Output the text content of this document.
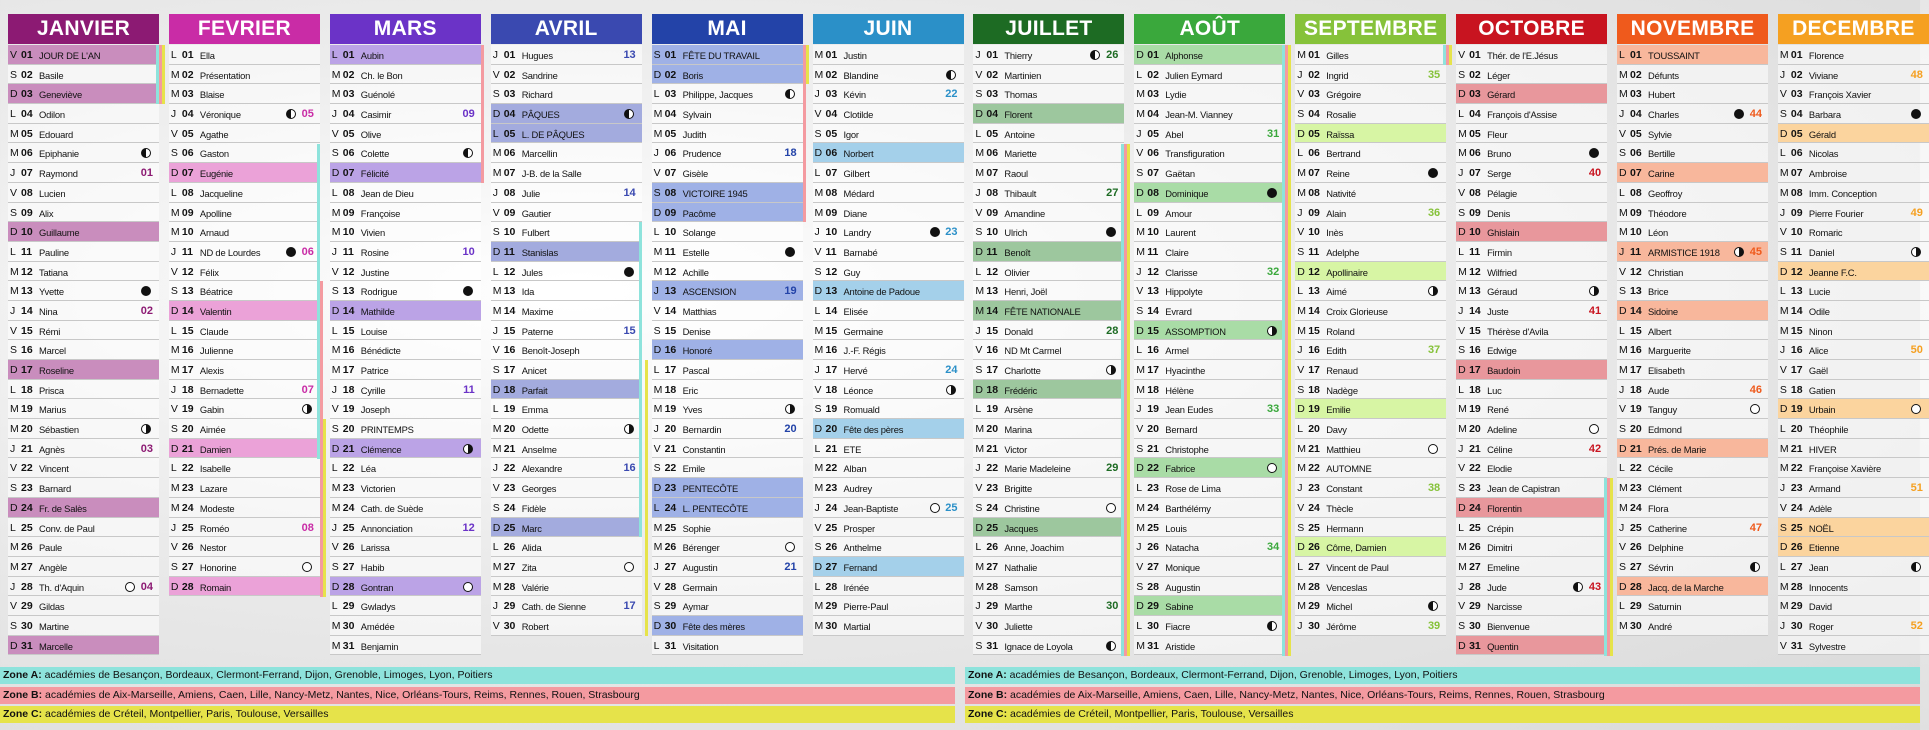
JANVIER
V 01 JOUR DE L'AN
S 02 Basile
D 03 Geneviève
L 04 Odilon
M 05 Edouard
M 06 Epiphanie
J 07 Raymond	01
V 08 Lucien
S 09 Alix
D 10 Guillaume
L 11 Pauline
M 12 Tatiana
M 13 Yvette
J 14 Nina	02
V 15 Rémi
S 16 Marcel
D 17 Roseline
L 18 Prisca
M 19 Marius
M 20 Sébastien
J 21 Agnès	03
V 22 Vincent
S 23 Barnard
D 24 Fr. de Salès
L 25 Conv. de Paul
M 26 Paule
M 27 Angèle
J 28 Th. d'Aquin	04
V 29 Gildas
S 30 Martine
D 31 Marcelle
FEVRIER
L 01 Ella
M 02 Présentation
M 03 Blaise
J 04 Véronique	05
V 05 Agathe
S 06 Gaston
D 07 Eugénie
L 08 Jacqueline
M 09 Apolline
M 10 Arnaud
J 11 ND de Lourdes	06
V 12 Félix
S 13 Béatrice
D 14 Valentin
L 15 Claude
M 16 Julienne
M 17 Alexis
J 18 Bernadette	07
V 19 Gabin
S 20 Aimée
D 21 Damien
L 22 Isabelle
M 23 Lazare
M 24 Modeste
J 25 Roméo	08
V 26 Nestor
S 27 Honorine
D 28 Romain
MARS
L 01 Aubin
M 02 Ch. le Bon
M 03 Guénolé
J 04 Casimir	09
V 05 Olive
S 06 Colette
D 07 Félicité
L 08 Jean de Dieu
M 09 Françoise
M 10 Vivien
J 11 Rosine	10
V 12 Justine
S 13 Rodrigue
D 14 Mathilde
L 15 Louise
M 16 Bénédicte
M 17 Patrice
J 18 Cyrille	11
V 19 Joseph
S 20 PRINTEMPS
D 21 Clémence
L 22 Léa
M 23 Victorien
M 24 Cath. de Suède
J 25 Annonciation	12
V 26 Larissa
S 27 Habib
D 28 Gontran
L 29 Gwladys
M 30 Amédée
M 31 Benjamin
AVRIL
J 01 Hugues	13
V 02 Sandrine
S 03 Richard
D 04 PÂQUES
L 05 L. DE PÂQUES
M 06 Marcellin
M 07 J-B. de la Salle
J 08 Julie	14
V 09 Gautier
S 10 Fulbert
D 11 Stanislas
L 12 Jules
M 13 Ida
M 14 Maxime
J 15 Paterne	15
V 16 Benoît-Joseph
S 17 Anicet
D 18 Parfait
L 19 Emma
M 20 Odette
M 21 Anselme
J 22 Alexandre	16
V 23 Georges
S 24 Fidèle
D 25 Marc
L 26 Alida
M 27 Zita
M 28 Valérie
J 29 Cath. de Sienne	17
V 30 Robert
MAI
S 01 FÊTE DU TRAVAIL
D 02 Boris
L 03 Philippe, Jacques
M 04 Sylvain
M 05 Judith
J 06 Prudence	18
V 07 Gisèle
S 08 VICTOIRE 1945
D 09 Pacôme
L 10 Solange
M 11 Estelle
M 12 Achille
J 13 ASCENSION	19
V 14 Matthias
S 15 Denise
D 16 Honoré
L 17 Pascal
M 18 Eric
M 19 Yves
J 20 Bernardin	20
V 21 Constantin
S 22 Emile
D 23 PENTECÔTE
L 24 L. PENTECÔTE
M 25 Sophie
M 26 Bérenger
J 27 Augustin	21
V 28 Germain
S 29 Aymar
D 30 Fête des mères
L 31 Visitation
JUIN
M 01 Justin
M 02 Blandine
J 03 Kévin	22
V 04 Clotilde
S 05 Igor
D 06 Norbert
L 07 Gilbert
M 08 Médard
M 09 Diane
J 10 Landry	23
V 11 Barnabé
S 12 Guy
D 13 Antoine de Padoue
L 14 Elisée
M 15 Germaine
M 16 J.-F. Régis
J 17 Hervé	24
V 18 Léonce
S 19 Romuald
D 20 Fête des pères
L 21 ETE
M 22 Alban
M 23 Audrey
J 24 Jean-Baptiste	25
V 25 Prosper
S 26 Anthelme
D 27 Fernand
L 28 Irénée
M 29 Pierre-Paul
M 30 Martial
JUILLET
J 01 Thierry	26
V 02 Martinien
S 03 Thomas
D 04 Florent
L 05 Antoine
M 06 Mariette
M 07 Raoul
J 08 Thibault	27
V 09 Amandine
S 10 Ulrich
D 11 Benoît
L 12 Olivier
M 13 Henri, Joël
M 14 FÊTE NATIONALE
J 15 Donald	28
V 16 ND Mt Carmel
S 17 Charlotte
D 18 Frédéric
L 19 Arsène
M 20 Marina
M 21 Victor
J 22 Marie Madeleine	29
V 23 Brigitte
S 24 Christine
D 25 Jacques
L 26 Anne, Joachim
M 27 Nathalie
M 28 Samson
J 29 Marthe	30
V 30 Juliette
S 31 Ignace de Loyola
AOÛT
D 01 Alphonse
L 02 Julien Eymard
M 03 Lydie
M 04 Jean-M. Vianney
J 05 Abel	31
V 06 Transfiguration
S 07 Gaëtan
D 08 Dominique
L 09 Amour
M 10 Laurent
M 11 Claire
J 12 Clarisse	32
V 13 Hippolyte
S 14 Evrard
D 15 ASSOMPTION
L 16 Armel
M 17 Hyacinthe
M 18 Hélène
J 19 Jean Eudes	33
V 20 Bernard
S 21 Christophe
D 22 Fabrice
L 23 Rose de Lima
M 24 Barthélémy
M 25 Louis
J 26 Natacha	34
V 27 Monique
S 28 Augustin
D 29 Sabine
L 30 Fiacre
M 31 Aristide
SEPTEMBRE
M 01 Gilles
J 02 Ingrid	35
V 03 Grégoire
S 04 Rosalie
D 05 Raïssa
L 06 Bertrand
M 07 Reine
M 08 Nativité
J 09 Alain	36
V 10 Inès
S 11 Adelphe
D 12 Apollinaire
L 13 Aimé
M 14 Croix Glorieuse
M 15 Roland
J 16 Edith	37
V 17 Renaud
S 18 Nadège
D 19 Emilie
L 20 Davy
M 21 Matthieu
M 22 AUTOMNE
J 23 Constant	38
V 24 Thècle
S 25 Hermann
D 26 Côme, Damien
L 27 Vincent de Paul
M 28 Venceslas
M 29 Michel
J 30 Jérôme	39
OCTOBRE
V 01 Thér. de l'E.Jésus
S 02 Léger
D 03 Gérard
L 04 François d'Assise
M 05 Fleur
M 06 Bruno
J 07 Serge	40
V 08 Pélagie
S 09 Denis
D 10 Ghislain
L 11 Firmin
M 12 Wilfried
M 13 Géraud
J 14 Juste	41
V 15 Thérèse d'Avila
S 16 Edwige
D 17 Baudoin
L 18 Luc
M 19 René
M 20 Adeline
J 21 Céline	42
V 22 Elodie
S 23 Jean de Capistran
D 24 Florentin
L 25 Crépin
M 26 Dimitri
M 27 Emeline
J 28 Jude	43
V 29 Narcisse
S 30 Bienvenue
D 31 Quentin
NOVEMBRE
L 01 TOUSSAINT
M 02 Défunts
M 03 Hubert
J 04 Charles	44
V 05 Sylvie
S 06 Bertille
D 07 Carine
L 08 Geoffroy
M 09 Théodore
M 10 Léon
J 11 ARMISTICE 1918	45
V 12 Christian
S 13 Brice
D 14 Sidoine
L 15 Albert
M 16 Marguerite
M 17 Elisabeth
J 18 Aude	46
V 19 Tanguy
S 20 Edmond
D 21 Prés. de Marie
L 22 Cécile
M 23 Clément
M 24 Flora
J 25 Catherine	47
V 26 Delphine
S 27 Sévrin
D 28 Jacq. de la Marche
L 29 Saturnin
M 30 André
DECEMBRE
M 01 Florence
J 02 Viviane	48
V 03 François Xavier
S 04 Barbara
D 05 Gérald
L 06 Nicolas
M 07 Ambroise
M 08 Imm. Conception
J 09 Pierre Fourier	49
V 10 Romaric
S 11 Daniel
D 12 Jeanne F.C.
L 13 Lucie
M 14 Odile
M 15 Ninon
J 16 Alice	50
V 17 Gaël
S 18 Gatien
D 19 Urbain
L 20 Théophile
M 21 HIVER
M 22 Françoise Xavière
J 23 Armand	51
V 24 Adèle
S 25 NOËL
D 26 Etienne
L 27 Jean
M 28 Innocents
M 29 David
J 30 Roger	52
V 31 Sylvestre
Zone A: académies de Besançon, Bordeaux, Clermont-Ferrand, Dijon, Grenoble, Limoges, Lyon, Poitiers
Zone B: académies de Aix-Marseille, Amiens, Caen, Lille, Nancy-Metz, Nantes, Nice, Orléans-Tours, Reims, Rennes, Rouen, Strasbourg
Zone C: académies de Créteil, Montpellier, Paris, Toulouse, Versailles
Zone A: académies de Besançon, Bordeaux, Clermont-Ferrand, Dijon, Grenoble, Limoges, Lyon, Poitiers
Zone B: académies de Aix-Marseille, Amiens, Caen, Lille, Nancy-Metz, Nantes, Nice, Orléans-Tours, Reims, Rennes, Rouen, Strasbourg
Zone C: académies de Créteil, Montpellier, Paris, Toulouse, Versailles
